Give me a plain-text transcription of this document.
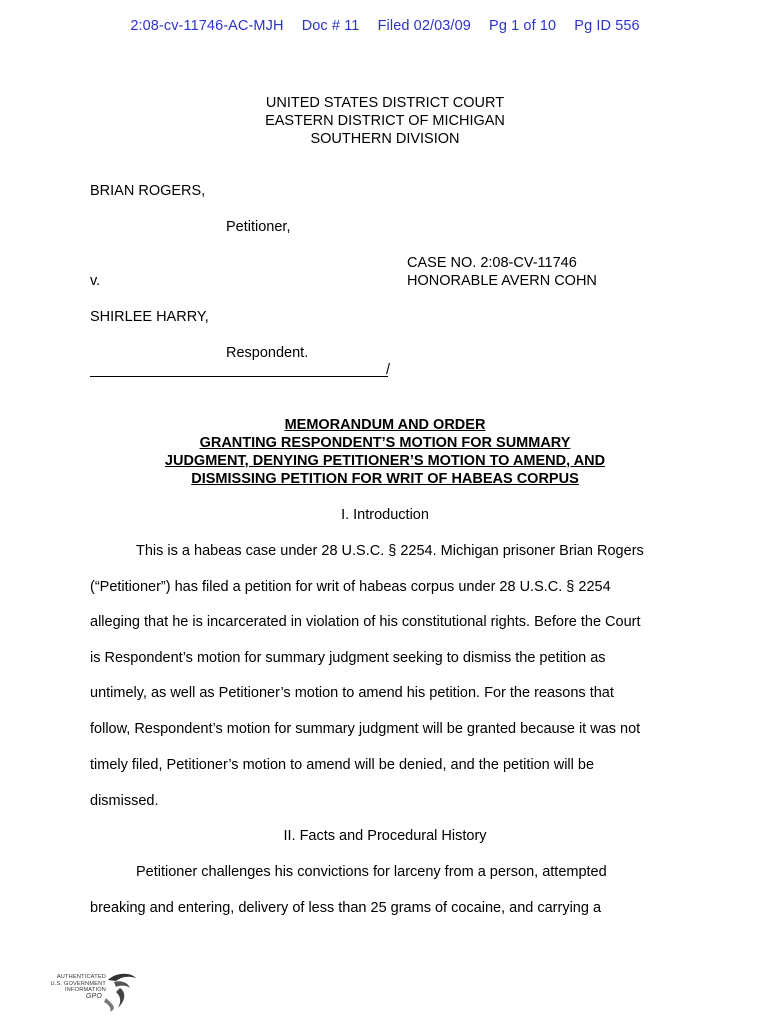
2:08-cv-11746-AC-MJH Doc # 11 Filed 02/03/09 Pg 1 of 10 Pg ID 556
UNITED STATES DISTRICT COURT
EASTERN DISTRICT OF MICHIGAN
SOUTHERN DIVISION
BRIAN ROGERS,
Petitioner,
CASE NO. 2:08-CV-11746
v.	HONORABLE AVERN COHN
SHIRLEE HARRY,
Respondent.
/
MEMORANDUM AND ORDER
GRANTING RESPONDENT’S MOTION FOR SUMMARY
JUDGMENT, DENYING PETITIONER’S MOTION TO AMEND, AND
DISMISSING PETITION FOR WRIT OF HABEAS CORPUS
I. Introduction
This is a habeas case under 28 U.S.C. § 2254. Michigan prisoner Brian Rogers
(“Petitioner”) has filed a petition for writ of habeas corpus under 28 U.S.C. § 2254
alleging that he is incarcerated in violation of his constitutional rights. Before the Court
is Respondent’s motion for summary judgment seeking to dismiss the petition as
untimely, as well as Petitioner’s motion to amend his petition. For the reasons that
follow, Respondent’s motion for summary judgment will be granted because it was not
timely filed, Petitioner’s motion to amend will be denied, and the petition will be
dismissed.
II. Facts and Procedural History
Petitioner challenges his convictions for larceny from a person, attempted
breaking and entering, delivery of less than 25 grams of cocaine, and carrying a
AUTHENTICATED
U.S. GOVERNMENT
INFORMATION
GPO
